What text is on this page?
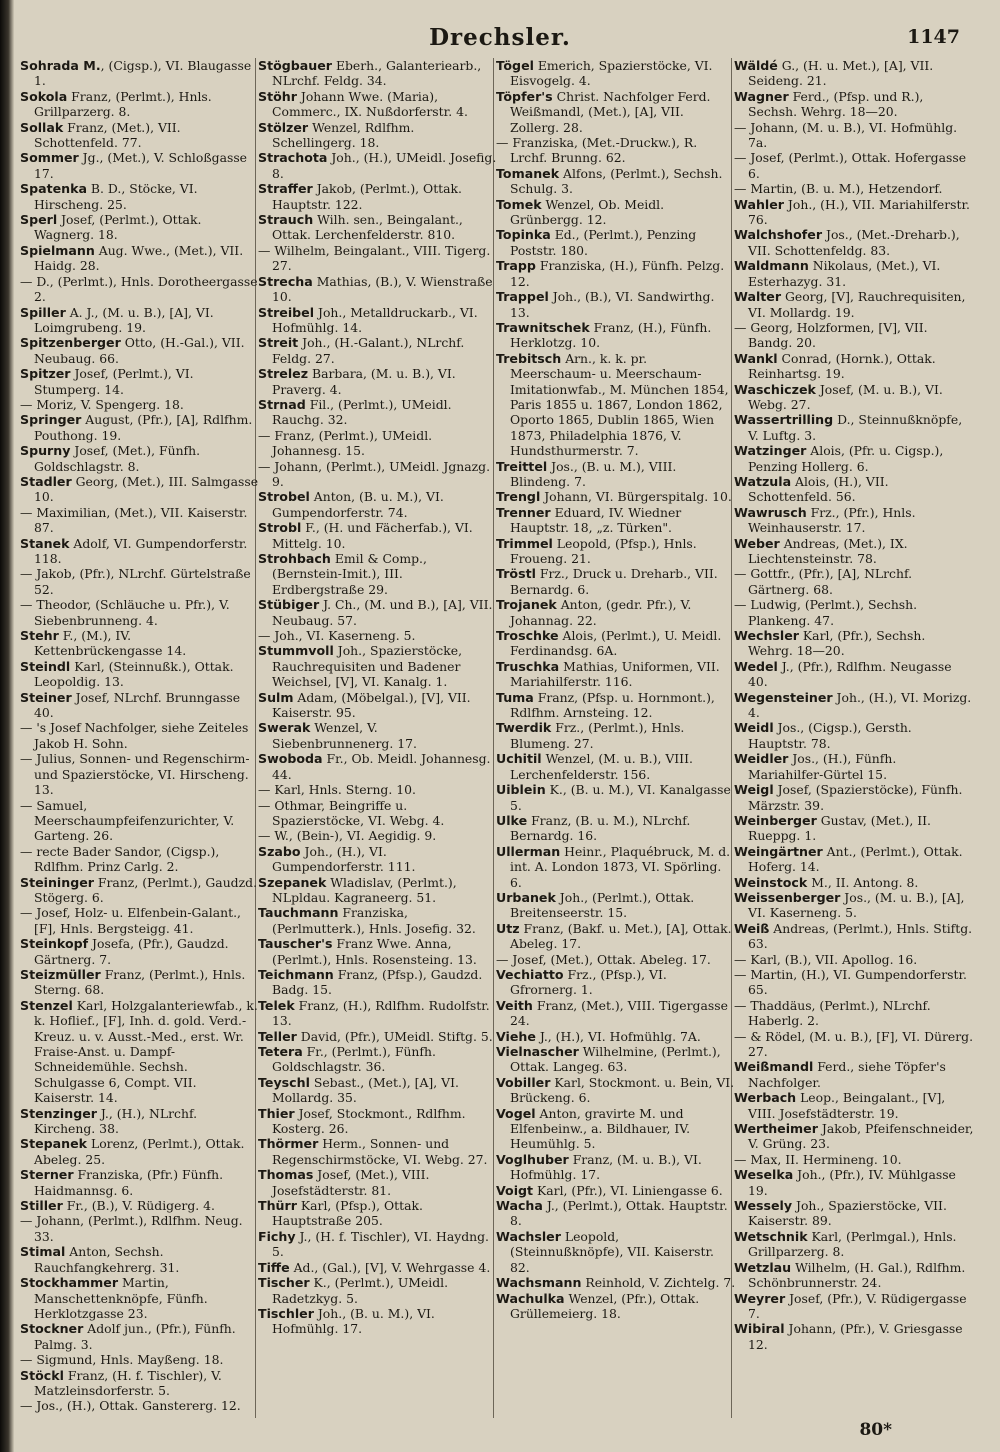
Drechsler.	1147

Sohrada M., (Cigsp.), VI. Blaugasse 1.

Sokola Franz, (Perlmt.), Hnls. Grillparzerg. 8.

Sollak Franz, (Met.), VII. Schottenfeld. 77.

Sommer Jg., (Met.), V. Schloßgasse 17.

Spatenka B. D., Stöcke, VI. Hirscheng. 25.

Sperl Josef, (Perlmt.), Ottak. Wagnerg. 18.

Spielmann Aug. Wwe., (Met.), VII. Haidg. 28.

— D., (Perlmt.), Hnls. Dorotheergasse 2.

Spiller A. J., (M. u. B.), [A], VI. Loimgrubeng. 19.

Spitzenberger Otto, (H.-Gal.), VII. Neubaug. 66.

Spitzer Josef, (Perlmt.), VI. Stumperg. 14.

— Moriz, V. Spengerg. 18.

Springer August, (Pfr.), [A], Rdlfhm. Pouthong. 19.

Spurny Josef, (Met.), Fünfh. Goldschlagstr. 8.

Stadler Georg, (Met.), III. Salmgasse 10.

— Maximilian, (Met.), VII. Kaiserstr. 87.

Stanek Adolf, VI. Gumpendorferstr. 118.

— Jakob, (Pfr.), NLrchf. Gürtelstraße 52.

— Theodor, (Schläuche u. Pfr.), V. Siebenbrunneng. 4.

Stehr F., (M.), IV. Kettenbrückengasse 14.

Steindl Karl, (Steinnußk.), Ottak. Leopoldig. 13.

Steiner Josef, NLrchf. Brunngasse 40.

— 's Josef Nachfolger, siehe Zeiteles Jakob H. Sohn.

— Julius, Sonnen- und Regenschirm- und Spazierstöcke, VI. Hirscheng. 13.

— Samuel, Meerschaumpfeifenzurichter, V. Garteng. 26.

— recte Bader Sandor, (Cigsp.), Rdlfhm. Prinz Carlg. 2.

Steininger Franz, (Perlmt.), Gaudzd. Stögerg. 6.

— Josef, Holz- u. Elfenbein-Galant., [F], Hnls. Bergsteigg. 41.

Steinkopf Josefa, (Pfr.), Gaudzd. Gärtnerg. 7.

Steizmüller Franz, (Perlmt.), Hnls. Sterng. 68.

Stenzel Karl, Holzgalanteriewfab., k. k. Hoflief., [F], Inh. d. gold. Verd.-Kreuz. u. v. Ausst.-Med., erst. Wr. Fraise-Anst. u. Dampf-Schneidemühle. Sechsh. Schulgasse 6, Compt. VII. Kaiserstr. 14.

Stenzinger J., (H.), NLrchf. Kircheng. 38.

Stepanek Lorenz, (Perlmt.), Ottak. Abeleg. 25.

Sterner Franziska, (Pfr.) Fünfh. Haidmannsg. 6.

Stiller Fr., (B.), V. Rüdigerg. 4.

— Johann, (Perlmt.), Rdlfhm. Neug. 33.

Stimal Anton, Sechsh. Rauchfangkehrerg. 31.

Stockhammer Martin, Manschettenknöpfe, Fünfh. Herklotzgasse 23.

Stockner Adolf jun., (Pfr.), Fünfh. Palmg. 3.

— Sigmund, Hnls. Mayßeng. 18.

Stöckl Franz, (H. f. Tischler), V. Matzleinsdorferstr. 5.

— Jos., (H.), Ottak. Ganstererg. 12.

Stögbauer Eberh., Galanteriearb., NLrchf. Feldg. 34.

Stöhr Johann Wwe. (Maria), Commerc., IX. Nußdorferstr. 4.

Stölzer Wenzel, Rdlfhm. Schellingerg. 18.

Strachota Joh., (H.), UMeidl. Josefig. 8.

Straffer Jakob, (Perlmt.), Ottak. Hauptstr. 122.

Strauch Wilh. sen., Beingalant., Ottak. Lerchenfelderstr. 810.

— Wilhelm, Beingalant., VIII. Tigerg. 27.

Strecha Mathias, (B.), V. Wienstraße 10.

Streibel Joh., Metalldruckarb., VI. Hofmühlg. 14.

Streit Joh., (H.-Galant.), NLrchf. Feldg. 27.

Strelez Barbara, (M. u. B.), VI. Praverg. 4.

Strnad Fil., (Perlmt.), UMeidl. Rauchg. 32.

— Franz, (Perlmt.), UMeidl. Johannesg. 15.

— Johann, (Perlmt.), UMeidl. Jgnazg. 9.

Strobel Anton, (B. u. M.), VI. Gumpendorferstr. 74.

Strobl F., (H. und Fächerfab.), VI. Mittelg. 10.

Strohbach Emil & Comp., (Bernstein-Imit.), III. Erdbergstraße 29.

Stübiger J. Ch., (M. und B.), [A], VII. Neubaug. 57.

— Joh., VI. Kaserneng. 5.

Stummvoll Joh., Spazierstöcke, Rauchrequisiten und Badener Weichsel, [V], VI. Kanalg. 1.

Sulm Adam, (Möbelgal.), [V], VII. Kaiserstr. 95.

Swerak Wenzel, V. Siebenbrunnenerg. 17.

Swoboda Fr., Ob. Meidl. Johannesg. 44.

— Karl, Hnls. Sterng. 10.

— Othmar, Beingriffe u. Spazierstöcke, VI. Webg. 4.

— W., (Bein-), VI. Aegidig. 9.

Szabo Joh., (H.), VI. Gumpendorferstr. 111.

Szepanek Wladislav, (Perlmt.), NLpldau. Kagraneerg. 51.

Tauchmann Franziska, (Perlmutterk.), Hnls. Josefig. 32.

Tauscher's Franz Wwe. Anna, (Perlmt.), Hnls. Rosensteing. 13.

Teichmann Franz, (Pfsp.), Gaudzd. Badg. 15.

Telek Franz, (H.), Rdlfhm. Rudolfstr. 13.

Teller David, (Pfr.), UMeidl. Stiftg. 5.

Tetera Fr., (Perlmt.), Fünfh. Goldschlagstr. 36.

Teyschl Sebast., (Met.), [A], VI. Mollardg. 35.

Thier Josef, Stockmont., Rdlfhm. Kosterg. 26.

Thörmer Herm., Sonnen- und Regenschirmstöcke, VI. Webg. 27.

Thomas Josef, (Met.), VIII. Josefstädterstr. 81.

Thürr Karl, (Pfsp.), Ottak. Hauptstraße 205.

Fichy J., (H. f. Tischler), VI. Haydng. 5.

Tiffe Ad., (Gal.), [V], V. Wehrgasse 4.

Tischer K., (Perlmt.), UMeidl. Radetzkyg. 5.

Tischler Joh., (B. u. M.), VI. Hofmühlg. 17.

Tögel Emerich, Spazierstöcke, VI. Eisvogelg. 4.

Töpfer's Christ. Nachfolger Ferd. Weißmandl, (Met.), [A], VII. Zollerg. 28.

— Franziska, (Met.-Druckw.), R. Lrchf. Brunng. 62.

Tomanek Alfons, (Perlmt.), Sechsh. Schulg. 3.

Tomek Wenzel, Ob. Meidl. Grünbergg. 12.

Topinka Ed., (Perlmt.), Penzing Poststr. 180.

Trapp Franziska, (H.), Fünfh. Pelzg. 12.

Trappel Joh., (B.), VI. Sandwirthg. 13.

Trawnitschek Franz, (H.), Fünfh. Herklotzg. 10.

Trebitsch Arn., k. k. pr. Meerschaum- u. Meerschaum-Imitationwfab., M. München 1854, Paris 1855 u. 1867, London 1862, Oporto 1865, Dublin 1865, Wien 1873, Philadelphia 1876, V. Hundsthurmerstr. 7.

Treittel Jos., (B. u. M.), VIII. Blindeng. 7.

Trengl Johann, VI. Bürgerspitalg. 10.

Trenner Eduard, IV. Wiedner Hauptstr. 18, „z. Türken".

Trimmel Leopold, (Pfsp.), Hnls. Froueng. 21.

Tröstl Frz., Druck u. Dreharb., VII. Bernardg. 6.

Trojanek Anton, (gedr. Pfr.), V. Johannag. 22.

Troschke Alois, (Perlmt.), U. Meidl. Ferdinandsg. 6A.

Truschka Mathias, Uniformen, VII. Mariahilferstr. 116.

Tuma Franz, (Pfsp. u. Hornmont.), Rdlfhm. Arnsteing. 12.

Twerdik Frz., (Perlmt.), Hnls. Blumeng. 27.

Uchitil Wenzel, (M. u. B.), VIII. Lerchenfelderstr. 156.

Uiblein K., (B. u. M.), VI. Kanalgasse 5.

Ulke Franz, (B. u. M.), NLrchf. Bernardg. 16.

Ullerman Heinr., Plaquébruck, M. d. int. A. London 1873, VI. Spörling. 6.

Urbanek Joh., (Perlmt.), Ottak. Breitenseerstr. 15.

Utz Franz, (Bakf. u. Met.), [A], Ottak. Abeleg. 17.

— Josef, (Met.), Ottak. Abeleg. 17.

Vechiatto Frz., (Pfsp.), VI. Gfrornerg. 1.

Veith Franz, (Met.), VIII. Tigergasse 24.

Viehe J., (H.), VI. Hofmühlg. 7A.

Vielnascher Wilhelmine, (Perlmt.), Ottak. Langeg. 63.

Vobiller Karl, Stockmont. u. Bein, VI. Brückeng. 6.

Vogel Anton, gravirte M. und Elfenbeinw., a. Bildhauer, IV. Heumühlg. 5.

Voglhuber Franz, (M. u. B.), VI. Hofmühlg. 17.

Voigt Karl, (Pfr.), VI. Liniengasse 6.

Wacha J., (Perlmt.), Ottak. Hauptstr. 8.

Wachsler Leopold, (Steinnußknöpfe), VII. Kaiserstr. 82.

Wachsmann Reinhold, V. Zichtelg. 7.

Wachulka Wenzel, (Pfr.), Ottak. Grüllemeierg. 18.

Wäldé G., (H. u. Met.), [A], VII. Seideng. 21.

Wagner Ferd., (Pfsp. und R.), Sechsh. Wehrg. 18—20.

— Johann, (M. u. B.), VI. Hofmühlg. 7a.

— Josef, (Perlmt.), Ottak. Hofergasse 6.

— Martin, (B. u. M.), Hetzendorf.

Wahler Joh., (H.), VII. Mariahilferstr. 76.

Walchshofer Jos., (Met.-Dreharb.), VII. Schottenfeldg. 83.

Waldmann Nikolaus, (Met.), VI. Esterhazyg. 31.

Walter Georg, [V], Rauchrequisiten, VI. Mollardg. 19.

— Georg, Holzformen, [V], VII. Bandg. 20.

Wankl Conrad, (Hornk.), Ottak. Reinhartsg. 19.

Waschiczek Josef, (M. u. B.), VI. Webg. 27.

Wassertrilling D., Steinnußknöpfe, V. Luftg. 3.

Watzinger Alois, (Pfr. u. Cigsp.), Penzing Hollerg. 6.

Watzula Alois, (H.), VII. Schottenfeld. 56.

Wawrusch Frz., (Pfr.), Hnls. Weinhauserstr. 17.

Weber Andreas, (Met.), IX. Liechtensteinstr. 78.

— Gottfr., (Pfr.), [A], NLrchf. Gärtnerg. 68.

— Ludwig, (Perlmt.), Sechsh. Plankeng. 47.

Wechsler Karl, (Pfr.), Sechsh. Wehrg. 18—20.

Wedel J., (Pfr.), Rdlfhm. Neugasse 40.

Wegensteiner Joh., (H.), VI. Morizg. 4.

Weidl Jos., (Cigsp.), Gersth. Hauptstr. 78.

Weidler Jos., (H.), Fünfh. Mariahilfer-Gürtel 15.

Weigl Josef, (Spazierstöcke), Fünfh. Märzstr. 39.

Weinberger Gustav, (Met.), II. Rueppg. 1.

Weingärtner Ant., (Perlmt.), Ottak. Hoferg. 14.

Weinstock M., II. Antong. 8.

Weissenberger Jos., (M. u. B.), [A], VI. Kaserneng. 5.

Weiß Andreas, (Perlmt.), Hnls. Stiftg. 63.

— Karl, (B.), VII. Apollog. 16.

— Martin, (H.), VI. Gumpendorferstr. 65.

— Thaddäus, (Perlmt.), NLrchf. Haberlg. 2.

— & Rödel, (M. u. B.), [F], VI. Dürerg. 27.

Weißmandl Ferd., siehe Töpfer's Nachfolger.

Werbach Leop., Beingalant., [V], VIII. Josefstädterstr. 19.

Wertheimer Jakob, Pfeifenschneider, V. Grüng. 23.

— Max, II. Hermineng. 10.

Weselka Joh., (Pfr.), IV. Mühlgasse 19.

Wessely Joh., Spazierstöcke, VII. Kaiserstr. 89.

Wetschnik Karl, (Perlmgal.), Hnls. Grillparzerg. 8.

Wetzlau Wilhelm, (H. Gal.), Rdlfhm. Schönbrunnerstr. 24.

Weyrer Josef, (Pfr.), V. Rüdigergasse 7.

Wibiral Johann, (Pfr.), V. Griesgasse 12.

80*
